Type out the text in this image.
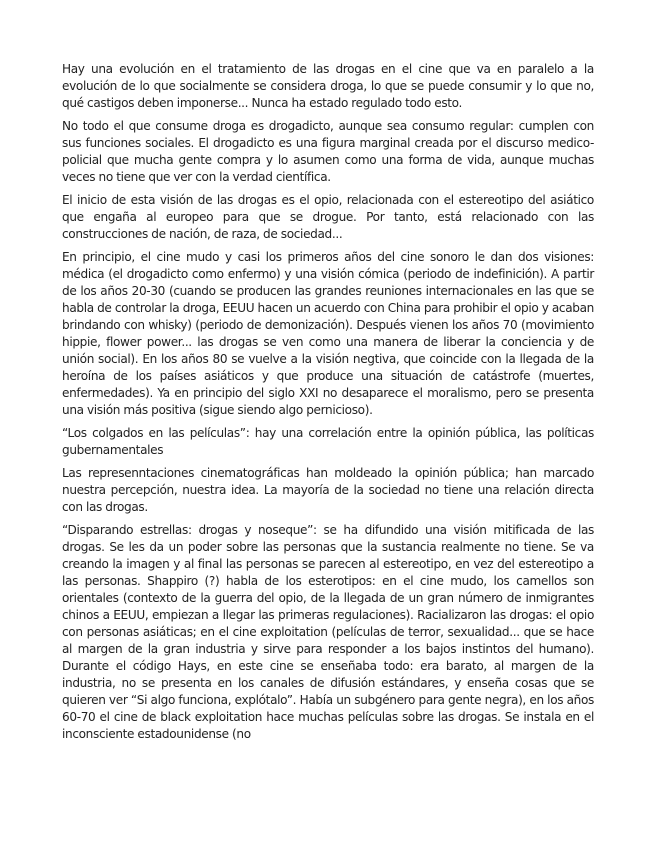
Hay una evolución en el tratamiento de las drogas en el cine que va en paralelo a la evolución de lo que socialmente se considera droga, lo que se puede consumir y lo que no, qué castigos deben imponerse... Nunca ha estado regulado todo esto.

No todo el que consume droga es drogadicto, aunque sea consumo regular: cumplen con sus funciones sociales. El drogadicto es una figura marginal creada por el discurso medico-policial que mucha gente compra y lo asumen como una forma de vida, aunque muchas veces no tiene que ver con la verdad científica.

El inicio de esta visión de las drogas es el opio, relacionada con el estereotipo del asiático que engaña al europeo para que se drogue. Por tanto, está relacionado con las construcciones de nación, de raza, de sociedad...

En principio, el cine mudo y casi los primeros años del cine sonoro le dan dos visiones: médica (el drogadicto como enfermo) y una visión cómica (periodo de indefinición). A partir de los años 20-30 (cuando se producen las grandes reuniones internacionales en las que se habla de controlar la droga, EEUU hacen un acuerdo con China para prohibir el opio y acaban brindando con whisky) (periodo de demonización). Después vienen los años 70 (movimiento hippie, flower power... las drogas se ven como una manera de liberar la conciencia y de unión social). En los años 80 se vuelve a la visión negtiva, que coincide con la llegada de la heroína de los países asiáticos y que produce una situación de catástrofe (muertes, enfermedades). Ya en principio del siglo XXI no desaparece el moralismo, pero se presenta una visión más positiva (sigue siendo algo pernicioso).

“Los colgados en las películas”: hay una correlación entre la opinión pública, las políticas gubernamentales

Las represenntaciones cinematográficas han moldeado la opinión pública; han marcado nuestra percepción, nuestra idea. La mayoría de la sociedad no tiene una relación directa con las drogas.

“Disparando estrellas: drogas y noseque”: se ha difundido una visión mitificada de las drogas. Se les da un poder sobre las personas que la sustancia realmente no tiene. Se va creando la imagen y al final las personas se parecen al estereotipo, en vez del estereotipo a las personas. Shappiro (?) habla de los esterotipos: en el cine mudo, los camellos son orientales (contexto de la guerra del opio, de la llegada de un gran número de inmigrantes chinos a EEUU, empiezan a llegar las primeras regulaciones). Racializaron las drogas: el opio con personas asiáticas; en el cine exploitation (películas de terror, sexualidad... que se hace al margen de la gran industria y sirve para responder a los bajos instintos del humano). Durante el código Hays, en este cine se enseñaba todo: era barato, al margen de la industria, no se presenta en los canales de difusión estándares, y enseña cosas que se quieren ver “Si algo funciona, explótalo”. Había un subgénero para gente negra), en los años 60-70 el cine de black exploitation hace muchas películas sobre las drogas. Se instala en el inconsciente estadounidense (no
